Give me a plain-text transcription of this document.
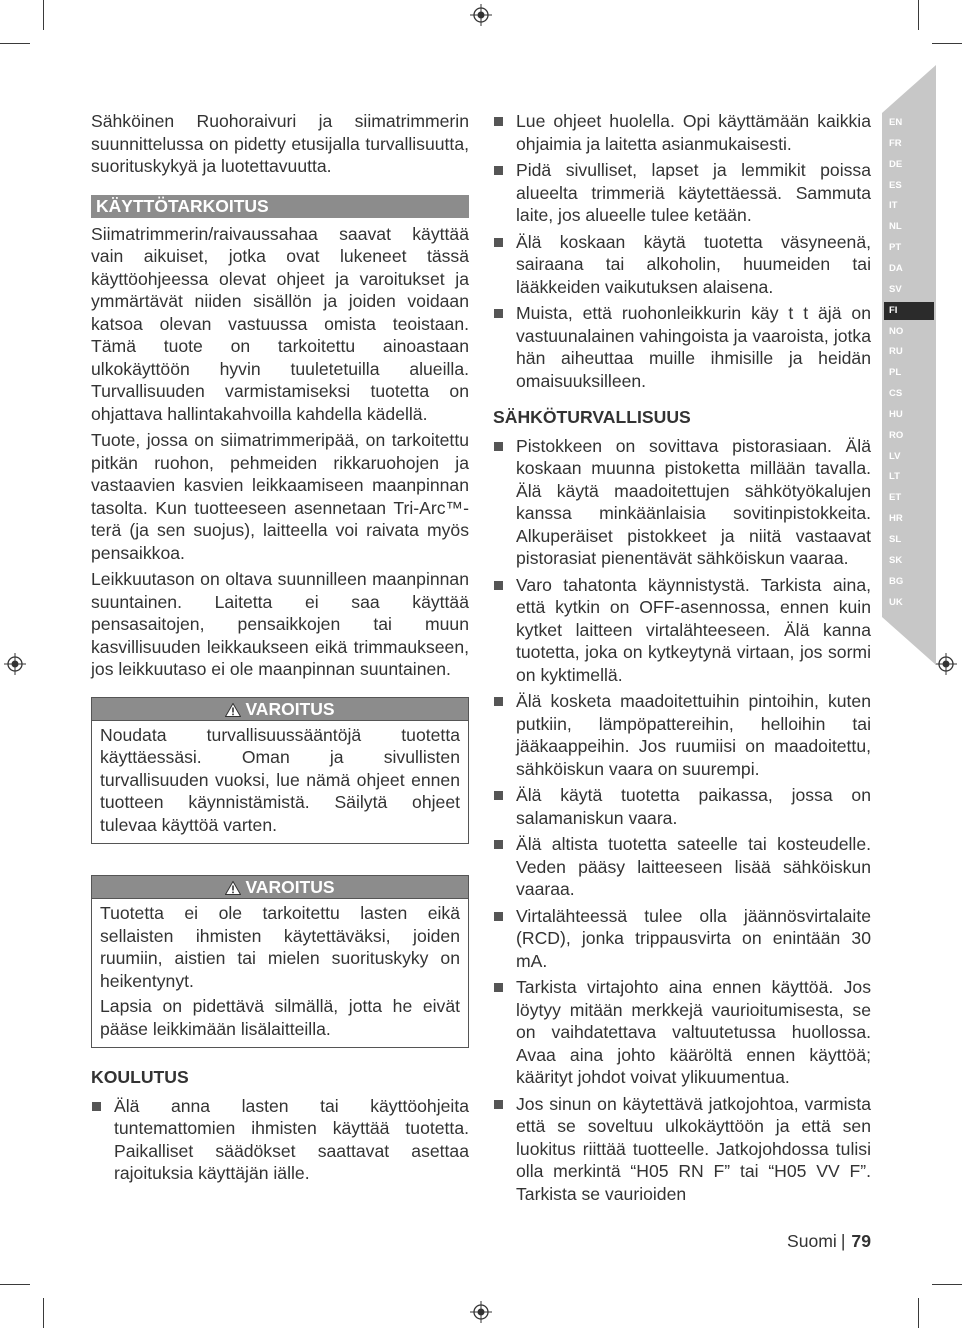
Sähköinen Ruohoraivuri ja siimatrimmerin suunnittelussa on pidetty etusijalla turvallisuutta, suorituskykyä ja luotettavuutta.

KÄYTTÖTARKOITUS

Siimatrimmerin/raivaussahaa saavat käyttää vain aikuiset, jotka ovat lukeneet tässä käyttöohjeessa olevat ohjeet ja varoitukset ja ymmärtävät niiden sisällön ja joiden voidaan katsoa olevan vastuussa omista teoistaan. Tämä tuote on tarkoitettu ainoastaan ulkokäyttöön hyvin tuuletetuilla alueilla. Turvallisuuden varmistamiseksi tuotetta on ohjattava hallintakahvoilla kahdella kädellä.

Tuote, jossa on siimatrimmeripää, on tarkoitettu pitkän ruohon, pehmeiden rikkaruohojen ja vastaavien kasvien leikkaamiseen maanpinnan tasolta. Kun tuotteeseen asennetaan Tri-Arc™-terä (ja sen suojus), laitteella voi raivata myös pensaikkoa.

Leikkuutason on oltava suunnilleen maanpinnan suuntainen. Laitetta ei saa käyttää pensasaitojen, pensaikkojen tai muun kasvillisuuden leikkaukseen eikä trimmaukseen, jos leikkuutaso ei ole maanpinnan suuntainen.

VAROITUS

Noudata turvallisuussääntöjä tuotetta käyttäessäsi. Oman ja sivullisten turvallisuuden vuoksi, lue nämä ohjeet ennen tuotteen käynnistämistä. Säilytä ohjeet tulevaa käyttöä varten.

VAROITUS

Tuotetta ei ole tarkoitettu lasten eikä sellaisten ihmisten käytettäväksi, joiden ruumiin, aistien tai mielen suorituskyky on heikentynyt.

Lapsia on pidettävä silmällä, jotta he eivät pääse leikkimään lisälaitteilla.

KOULUTUS
Älä anna lasten tai käyttöohjeita tuntemattomien ihmisten käyttää tuotetta. Paikalliset säädökset saattavat asettaa rajoituksia käyttäjän iälle.
Lue ohjeet huolella. Opi käyttämään kaikkia ohjaimia ja laitetta asianmukaisesti.
Pidä sivulliset, lapset ja lemmikit poissa alueelta trimmeriä käytettäessä. Sammuta laite, jos alueelle tulee ketään.
Älä koskaan käytä tuotetta väsyneenä, sairaana tai alkoholin, huumeiden tai lääkkeiden vaikutuksen alaisena.
Muista, että ruohonleikkurin käy t t äjä on vastuunalainen vahingoista ja vaaroista, jotka hän aiheuttaa muille ihmisille ja heidän omaisuuksilleen.
SÄHKÖTURVALLISUUS
Pistokkeen on sovittava pistorasiaan. Älä koskaan muunna pistoketta millään tavalla. Älä käytä maadoitettujen sähkötyökalujen kanssa minkäänlaisia sovitinpistokkeita. Alkuperäiset pistokkeet ja niitä vastaavat pistorasiat pienentävät sähköiskun vaaraa.
Varo tahatonta käynnistystä. Tarkista aina, että kytkin on OFF-asennossa, ennen kuin kytket laitteen virtalähteeseen. Älä kanna tuotetta, joka on kytkeytynä virtaan, jos sormi on kyktimellä.
Älä kosketa maadoitettuihin pintoihin, kuten putkiin, lämpöpattereihin, helloihin tai jääkaappeihin. Jos ruumiisi on maadoitettu, sähköiskun vaara on suurempi.
Älä käytä tuotetta paikassa, jossa on salamaniskun vaara.
Älä altista tuotetta sateelle tai kosteudelle. Veden pääsy laitteeseen lisää sähköiskun vaaraa.
Virtalähteessä tulee olla jäännösvirtalaite (RCD), jonka trippausvirta on enintään 30 mA.
Tarkista virtajohto aina ennen käyttöä. Jos löytyy mitään merkkejä vaurioitumisesta, se on vaihdatettava valtuutetussa huollossa. Avaa aina johto kääröltä ennen käyttöä; käärityt johdot voivat ylikuumentua.
Jos sinun on käytettävä jatkojohtoa, varmista että se soveltuu ulkokäyttöön ja että sen luokitus riittää tuotteelle. Jatkojohdossa tulisi olla merkintä “H05 RN F” tai “H05 VV F”. Tarkista se vaurioiden
EN
FR
DE
ES
IT
NL
PT
DA
SV
FI
NO
RU
PL
CS
HU
RO
LV
LT
ET
HR
SL
SK
BG
UK
Suomi | 79
